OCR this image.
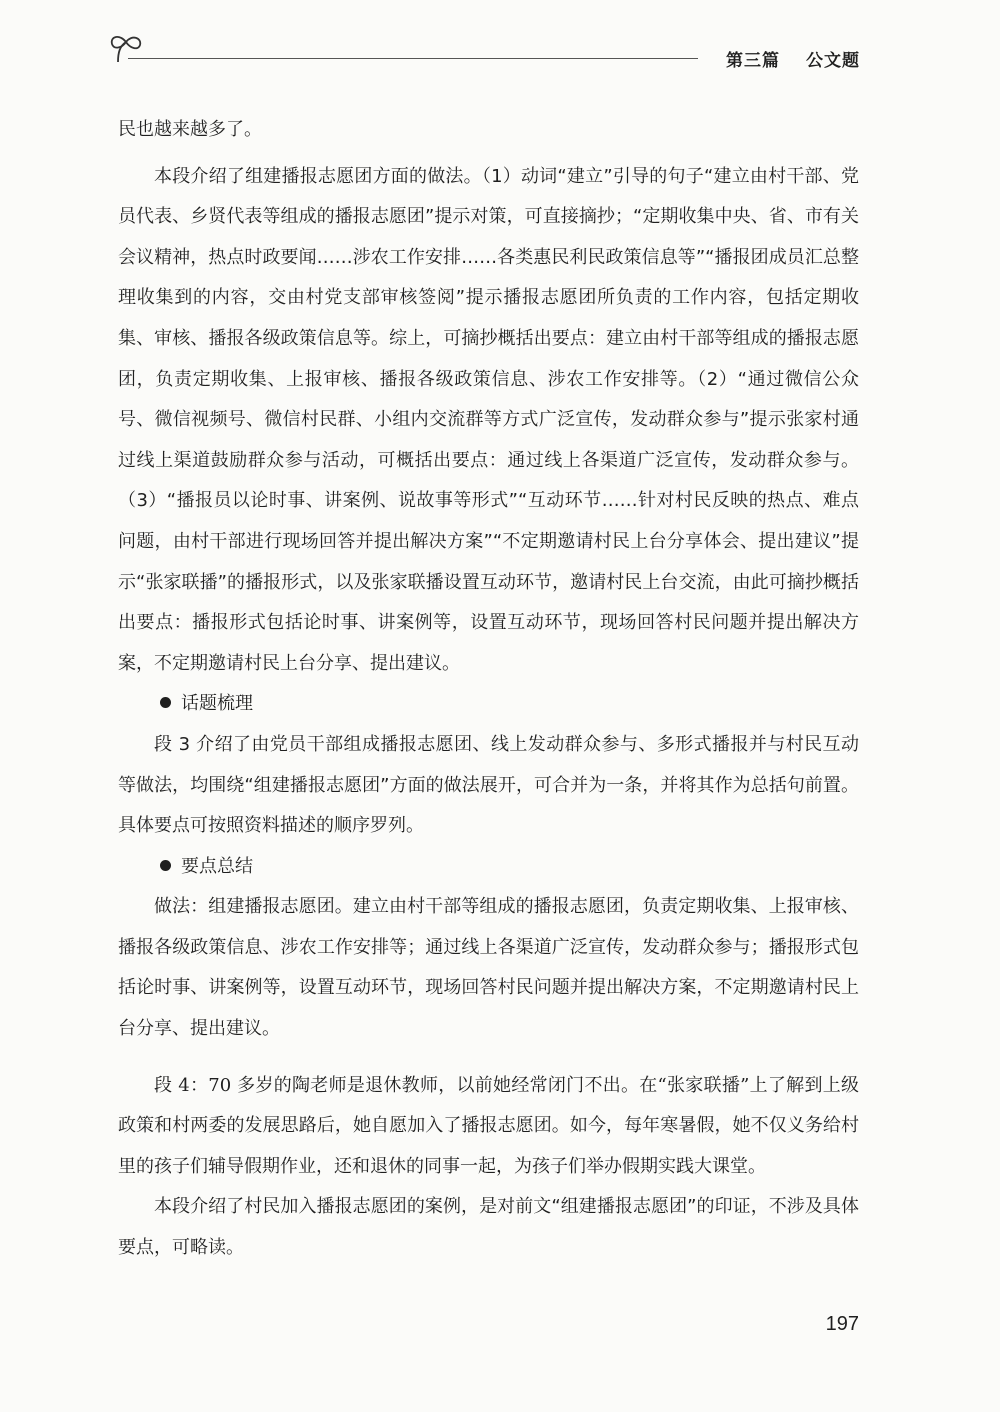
第三篇 公文题

民也越来越多了。

本段介绍了组建播报志愿团方面的做法。（1）动词“建立”引导的句子“建立由村干部、党员代表、乡贤代表等组成的播报志愿团”提示对策，可直接摘抄；“定期收集中央、省、市有关会议精神，热点时政要闻……涉农工作安排……各类惠民利民政策信息等”“播报团成员汇总整理收集到的内容，交由村党支部审核签阅”提示播报志愿团所负责的工作内容，包括定期收集、审核、播报各级政策信息等。综上，可摘抄概括出要点：建立由村干部等组成的播报志愿团，负责定期收集、上报审核、播报各级政策信息、涉农工作安排等。（2）“通过微信公众号、微信视频号、微信村民群、小组内交流群等方式广泛宣传，发动群众参与”提示张家村通过线上渠道鼓励群众参与活动，可概括出要点：通过线上各渠道广泛宣传，发动群众参与。（3）“播报员以论时事、讲案例、说故事等形式”“互动环节……针对村民反映的热点、难点问题，由村干部进行现场回答并提出解决方案”“不定期邀请村民上台分享体会、提出建议”提示“张家联播”的播报形式，以及张家联播设置互动环节，邀请村民上台交流，由此可摘抄概括出要点：播报形式包括论时事、讲案例等，设置互动环节，现场回答村民问题并提出解决方案，不定期邀请村民上台分享、提出建议。

话题梳理

段 3 介绍了由党员干部组成播报志愿团、线上发动群众参与、多形式播报并与村民互动等做法，均围绕“组建播报志愿团”方面的做法展开，可合并为一条，并将其作为总括句前置。具体要点可按照资料描述的顺序罗列。

要点总结

做法：组建播报志愿团。建立由村干部等组成的播报志愿团，负责定期收集、上报审核、播报各级政策信息、涉农工作安排等；通过线上各渠道广泛宣传，发动群众参与；播报形式包括论时事、讲案例等，设置互动环节，现场回答村民问题并提出解决方案，不定期邀请村民上台分享、提出建议。

段 4：70 多岁的陶老师是退休教师，以前她经常闭门不出。在“张家联播”上了解到上级政策和村两委的发展思路后，她自愿加入了播报志愿团。如今，每年寒暑假，她不仅义务给村里的孩子们辅导假期作业，还和退休的同事一起，为孩子们举办假期实践大课堂。

本段介绍了村民加入播报志愿团的案例，是对前文“组建播报志愿团”的印证，不涉及具体要点，可略读。

197
